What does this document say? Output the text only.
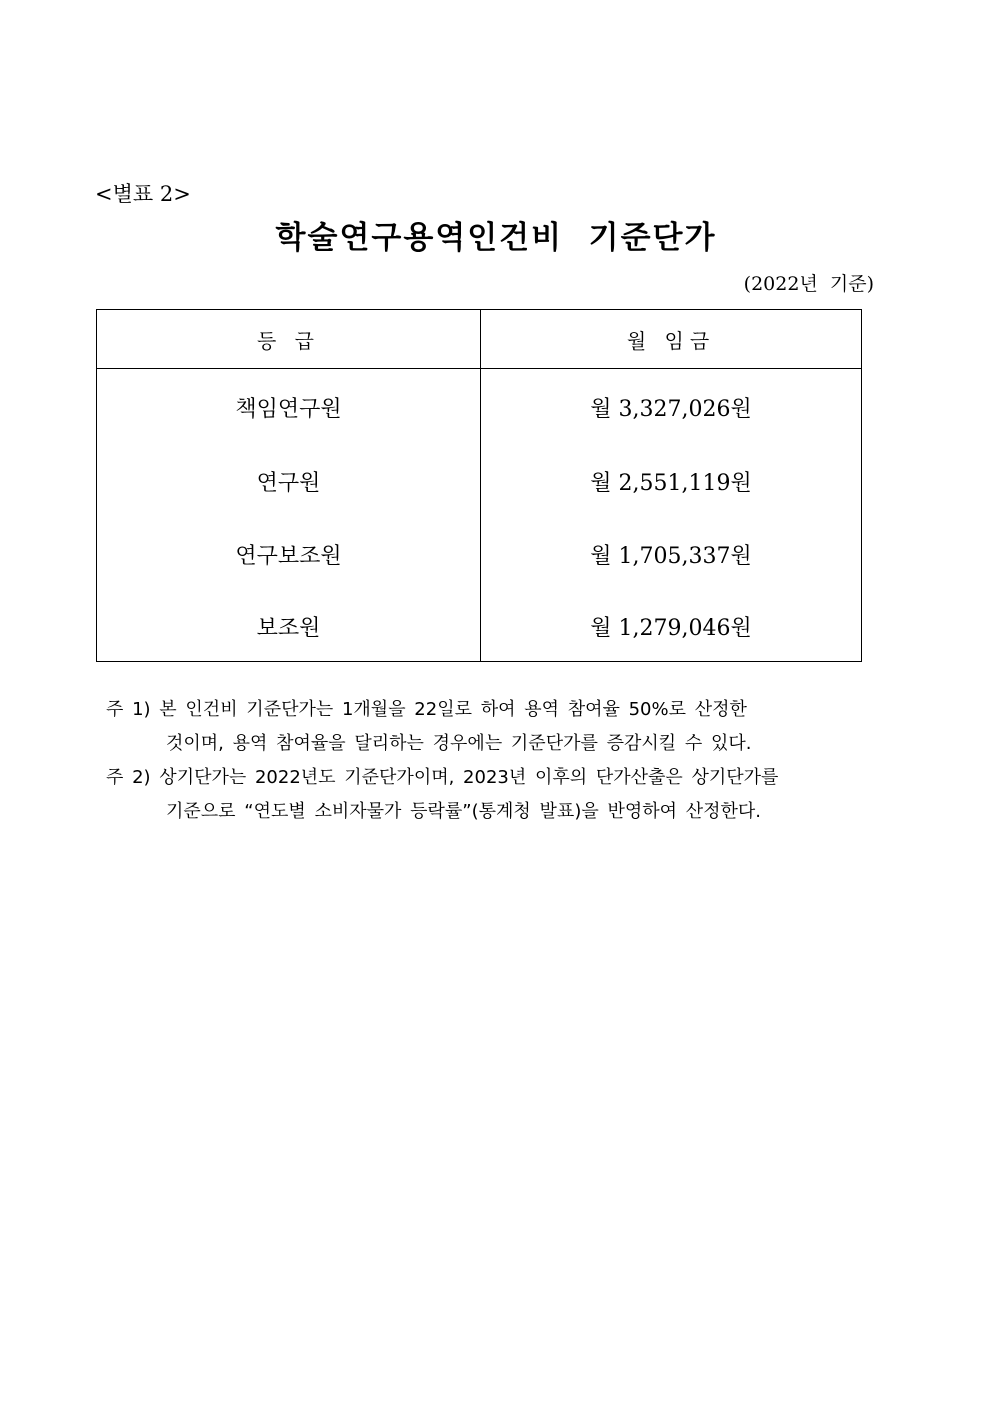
<별표 2>
학술연구용역인건비  기준단가
(2022년  기준)
등 급	월 임금
책임연구원	월 3,327,026원
연구원	월 2,551,119원
연구보조원	월 1,705,337원
보조원	월 1,279,046원
주 1) 본 인건비 기준단가는 1개월을 22일로 하여 용역 참여율 50%로 산정한
것이며, 용역 참여율을 달리하는 경우에는 기준단가를 증감시킬 수 있다.
주 2) 상기단가는 2022년도 기준단가이며, 2023년 이후의 단가산출은 상기단가를
기준으로 “연도별 소비자물가 등락률”(통계청 발표)을 반영하여 산정한다.
